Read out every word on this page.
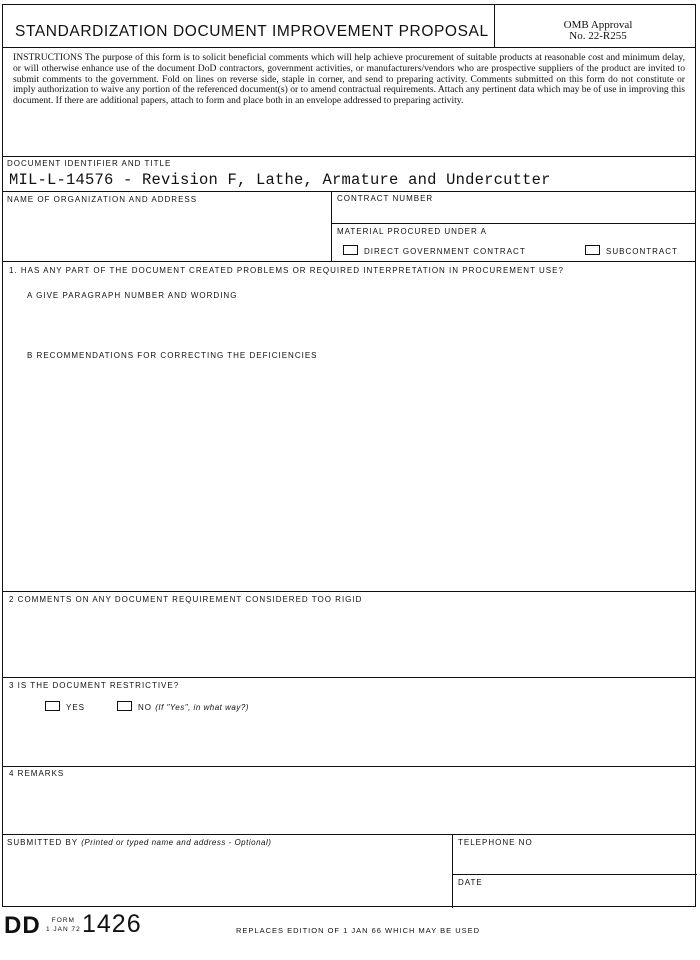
STANDARDIZATION DOCUMENT IMPROVEMENT PROPOSAL	OMB Approval
No. 22-R255
INSTRUCTIONS The purpose of this form is to solicit beneficial comments which will help achieve procurement of suitable products at reasonable cost and minimum delay, or will otherwise enhance use of the document DoD contractors, government activities, or manufacturers/vendors who are prospective suppliers of the product are invited to submit comments to the government. Fold on lines on reverse side, staple in corner, and send to preparing activity. Comments submitted on this form do not constitute or imply authorization to waive any portion of the referenced document(s) or to amend contractual requirements. Attach any pertinent data which may be of use in improving this document. If there are additional papers, attach to form and place both in an envelope addressed to preparing activity.
DOCUMENT IDENTIFIER AND TITLE
MIL-L-14576 - Revision F, Lathe, Armature and Undercutter
NAME OF ORGANIZATION AND ADDRESS	CONTRACT NUMBER
MATERIAL PROCURED UNDER A
DIRECT GOVERNMENT CONTRACT	SUBCONTRACT
1. HAS ANY PART OF THE DOCUMENT CREATED PROBLEMS OR REQUIRED INTERPRETATION IN PROCUREMENT USE?
A GIVE PARAGRAPH NUMBER AND WORDING
B RECOMMENDATIONS FOR CORRECTING THE DEFICIENCIES
2 COMMENTS ON ANY DOCUMENT REQUIREMENT CONSIDERED TOO RIGID
3 IS THE DOCUMENT RESTRICTIVE?
YES	NO (If "Yes", in what way?)
4 REMARKS
SUBMITTED BY (Printed or typed name and address - Optional)	TELEPHONE NO
DATE
DD	FORM
1 JAN 72 1426	REPLACES EDITION OF 1 JAN 66 WHICH MAY BE USED
